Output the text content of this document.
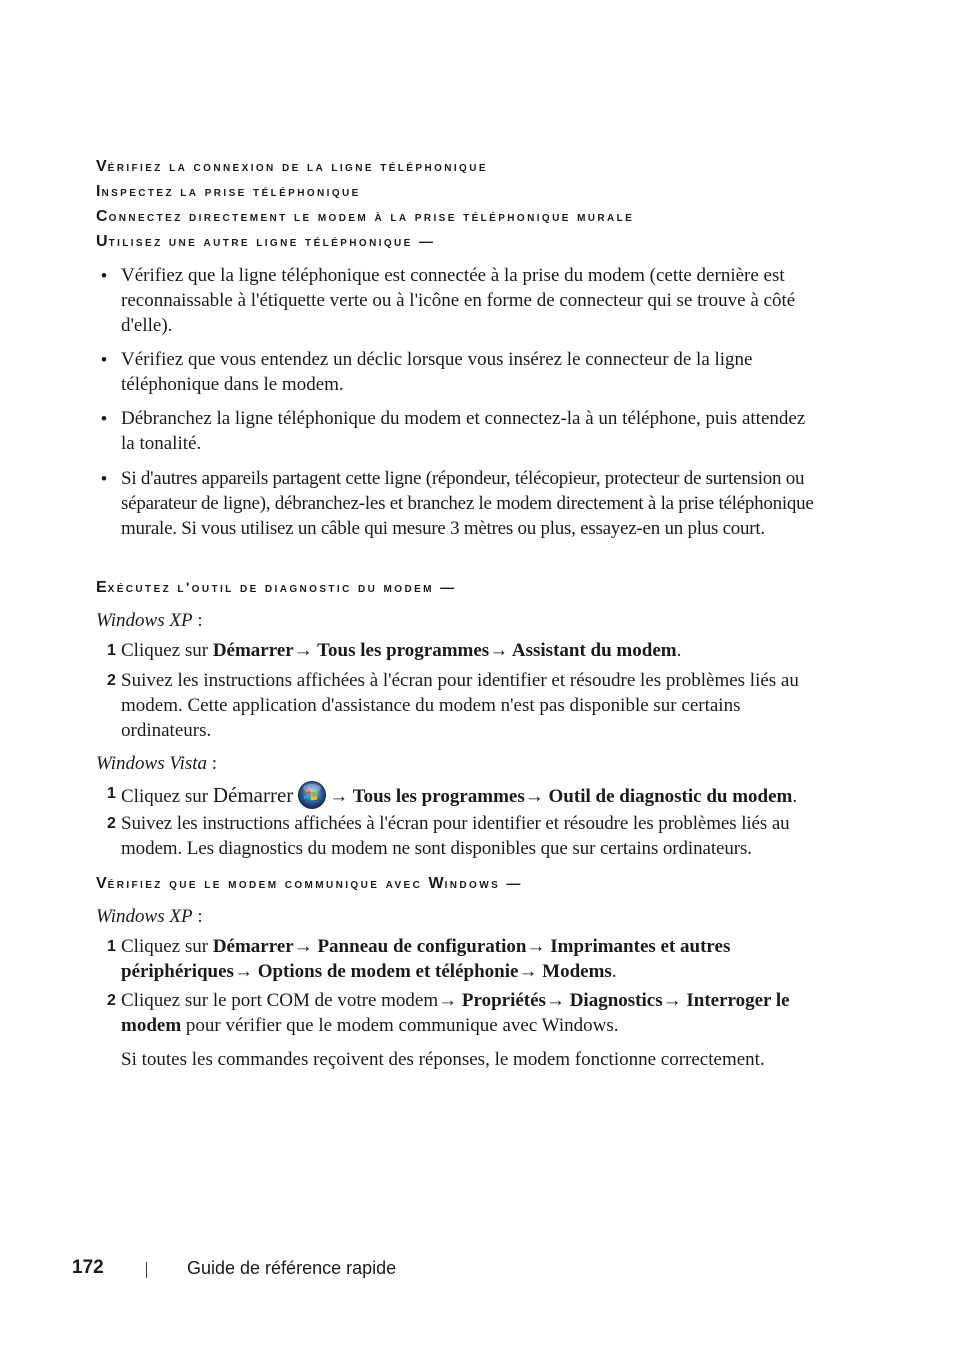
Vérifiez la connexion de la ligne téléphonique
Inspectez la prise téléphonique
Connectez directement le modem à la prise téléphonique murale
Utilisez une autre ligne téléphonique —
• Vérifiez que la ligne téléphonique est connectée à la prise du modem (cette dernière est reconnaissable à l'étiquette verte ou à l'icône en forme de connecteur qui se trouve à côté d'elle).
• Vérifiez que vous entendez un déclic lorsque vous insérez le connecteur de la ligne téléphonique dans le modem.
• Débranchez la ligne téléphonique du modem et connectez-la à un téléphone, puis attendez la tonalité.
• Si d'autres appareils partagent cette ligne (répondeur, télécopieur, protecteur de surtension ou séparateur de ligne), débranchez-les et branchez le modem directement à la prise téléphonique murale. Si vous utilisez un câble qui mesure 3 mètres ou plus, essayez-en un plus court.
Exécutez l'outil de diagnostic du modem —
Windows XP :
1 Cliquez sur Démarrer→ Tous les programmes→ Assistant du modem.
2 Suivez les instructions affichées à l'écran pour identifier et résoudre les problèmes liés au modem. Cette application d'assistance du modem n'est pas disponible sur certains ordinateurs.
Windows Vista :
1 Cliquez sur Démarrer → Tous les programmes→ Outil de diagnostic du modem.
2 Suivez les instructions affichées à l'écran pour identifier et résoudre les problèmes liés au modem. Les diagnostics du modem ne sont disponibles que sur certains ordinateurs.
Vérifiez que le modem communique avec Windows —
Windows XP :
1 Cliquez sur Démarrer→ Panneau de configuration→ Imprimantes et autres périphériques→ Options de modem et téléphonie→ Modems.
2 Cliquez sur le port COM de votre modem→ Propriétés→ Diagnostics→ Interroger le modem pour vérifier que le modem communique avec Windows.
Si toutes les commandes reçoivent des réponses, le modem fonctionne correctement.
172	Guide de référence rapide
